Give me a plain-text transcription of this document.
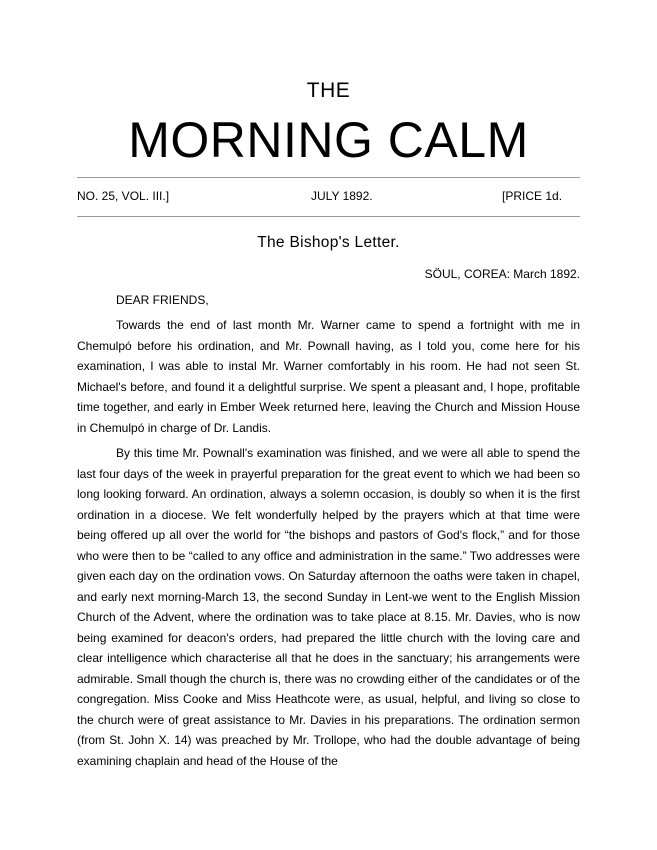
THE
MORNING CALM
NO. 25, VOL. III.]	JULY 1892.	[PRICE 1d.
The Bishop's Letter.
SÖUL, COREA: March 1892.
DEAR FRIENDS,

Towards the end of last month Mr. Warner came to spend a fortnight with me in Chemulpó before his ordination, and Mr. Pownall having, as I told you, come here for his examination, I was able to instal Mr. Warner comfortably in his room. He had not seen St. Michael's before, and found it a delightful surprise. We spent a pleasant and, I hope, profitable time together, and early in Ember Week returned here, leaving the Church and Mission House in Chemulpó in charge of Dr. Landis.

By this time Mr. Pownall's examination was finished, and we were all able to spend the last four days of the week in prayerful preparation for the great event to which we had been so long looking forward. An ordination, always a solemn occasion, is doubly so when it is the first ordination in a diocese. We felt wonderfully helped by the prayers which at that time were being offered up all over the world for “the bishops and pastors of God's flock,” and for those who were then to be “called to any office and administration in the same.” Two addresses were given each day on the ordination vows. On Saturday afternoon the oaths were taken in chapel, and early next morning-March 13, the second Sunday in Lent-we went to the English Mission Church of the Advent, where the ordination was to take place at 8.15. Mr. Davies, who is now being examined for deacon's orders, had prepared the little church with the loving care and clear intelligence which characterise all that he does in the sanctuary; his arrangements were admirable. Small though the church is, there was no crowding either of the candidates or of the congregation. Miss Cooke and Miss Heathcote were, as usual, helpful, and living so close to the church were of great assistance to Mr. Davies in his preparations. The ordination sermon (from St. John X. 14) was preached by Mr. Trollope, who had the double advantage of being examining chaplain and head of the House of the
